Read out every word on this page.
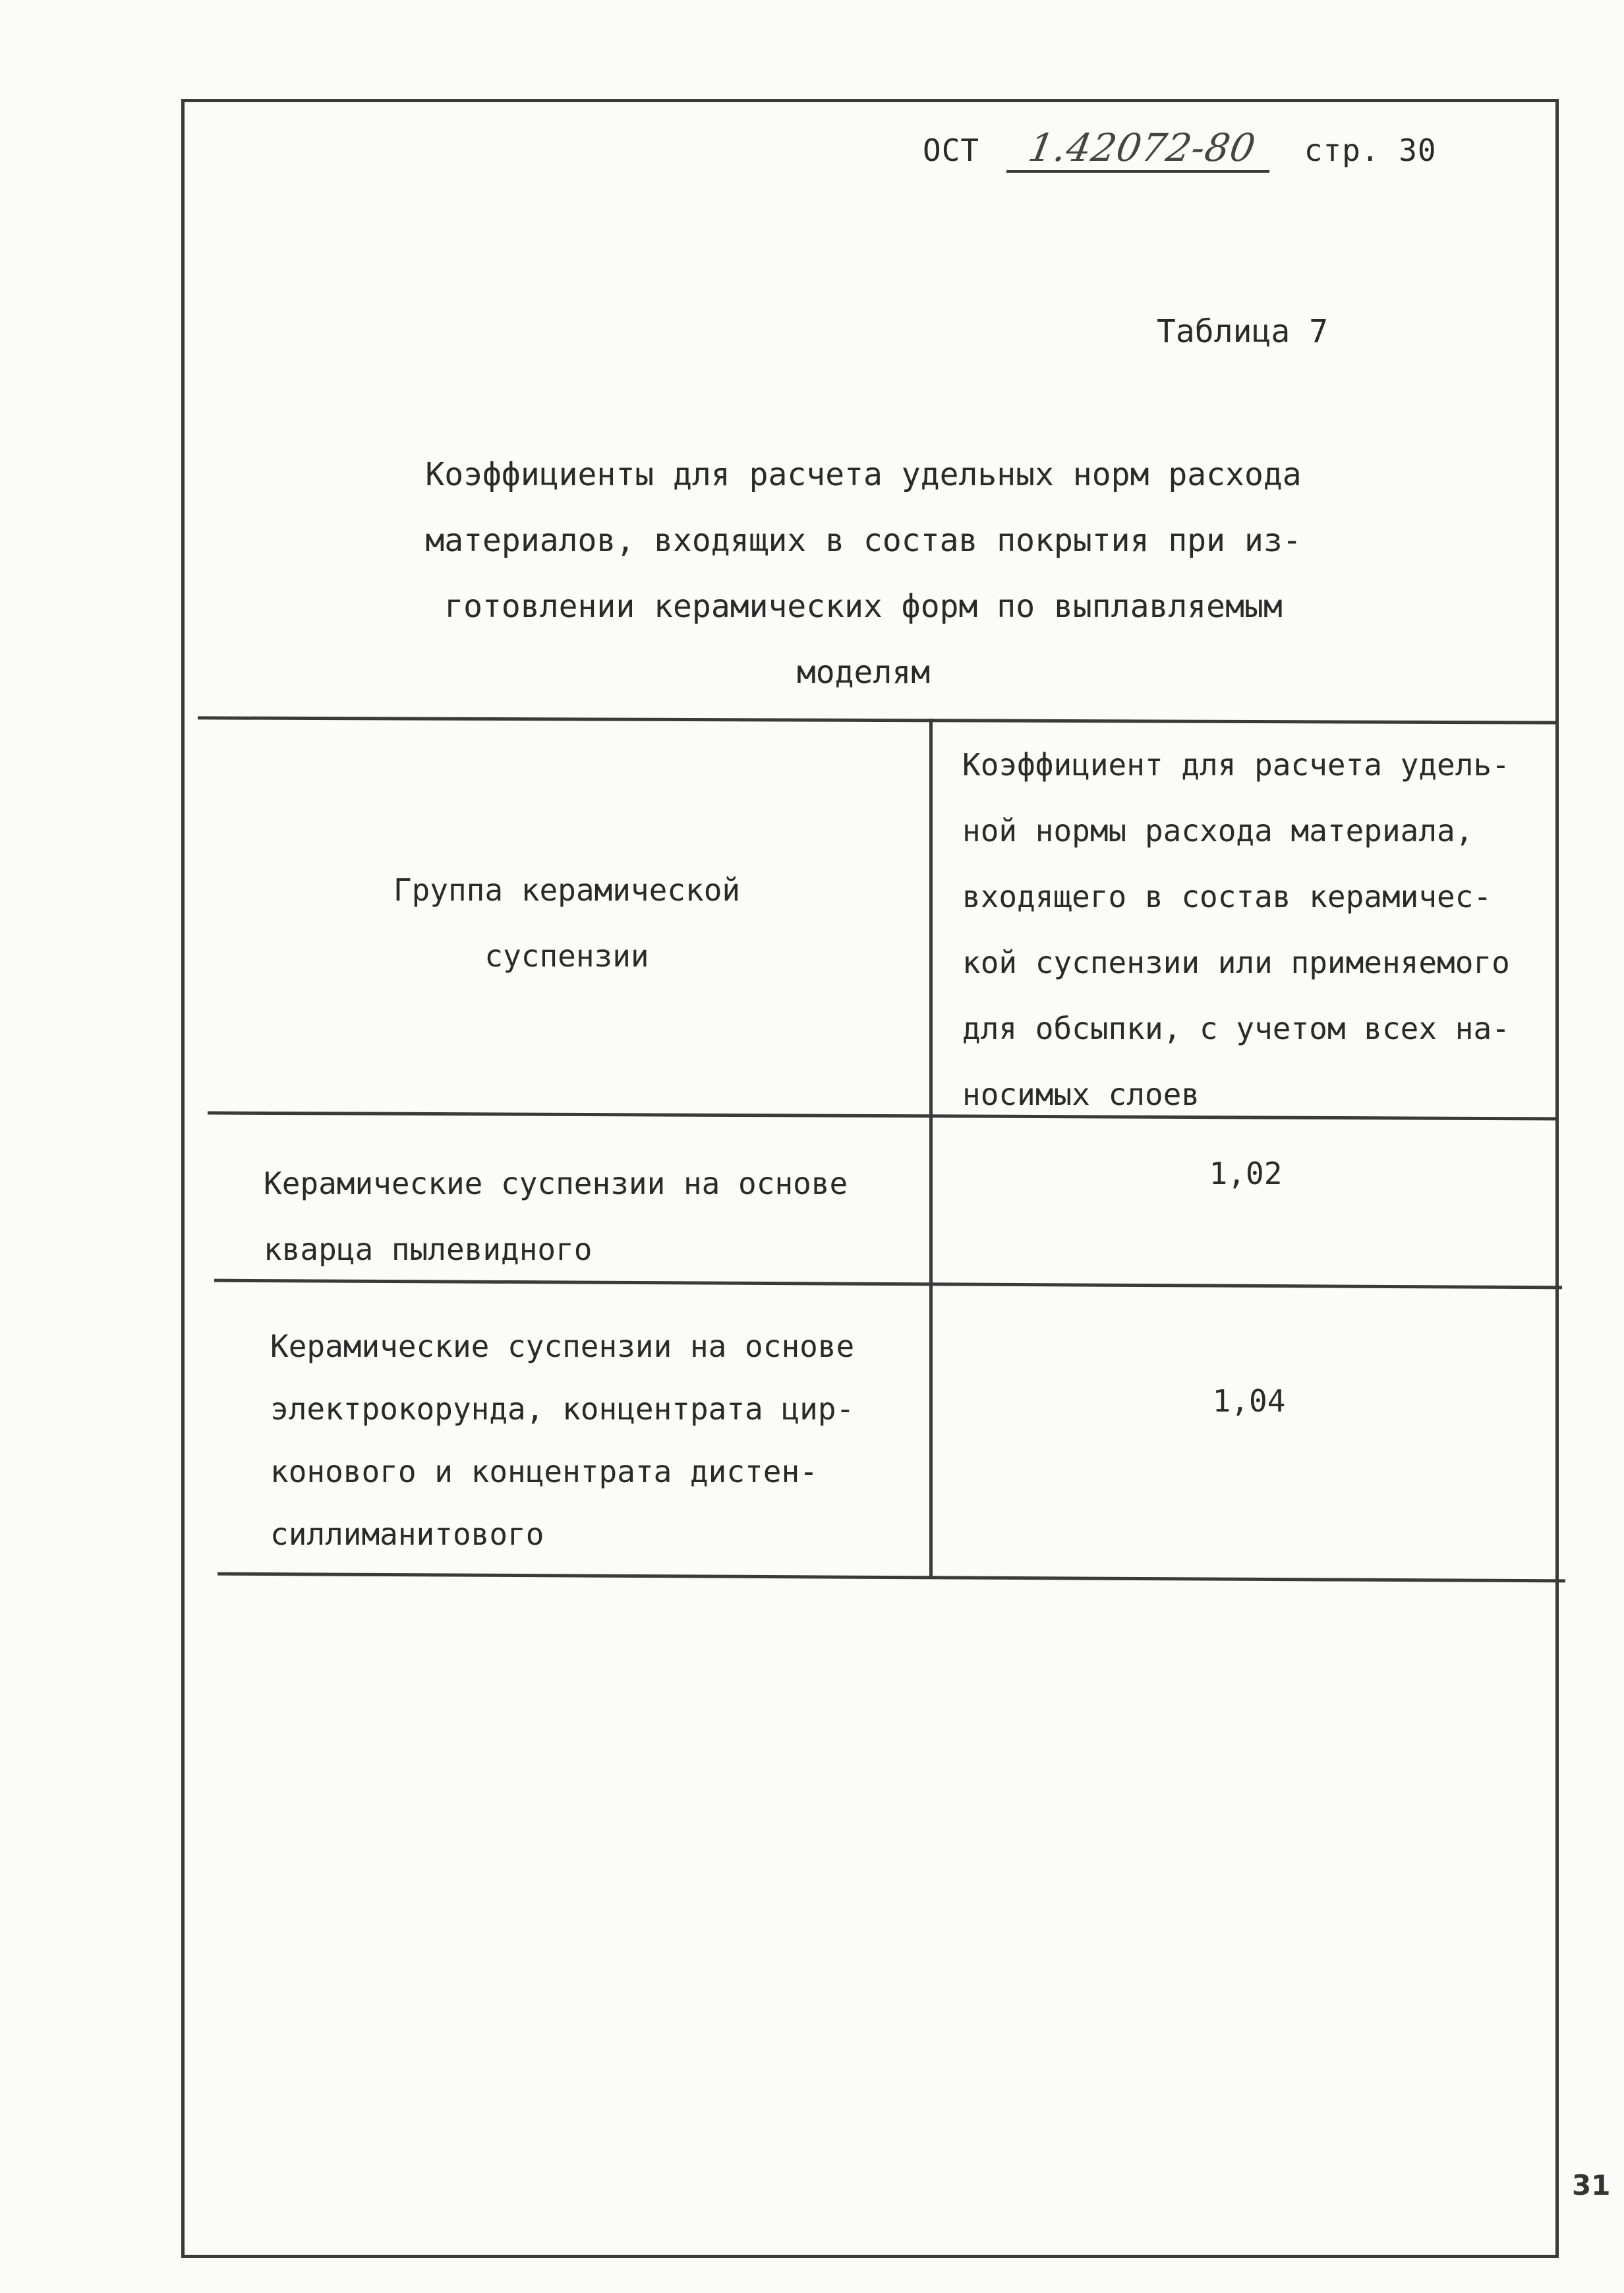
ОСТ 1.42072-80 стр. 30
Таблица 7
Коэффициенты для расчета удельных норм расхода
материалов, входящих в состав покрытия при из-
готовлении керамических форм по выплавляемым
моделям
Группа керамической
суспензии
Коэффициент для расчета удель-
ной нормы расхода материала,
входящего в состав керамичес-
кой суспензии или применяемого
для обсыпки, с учетом всех на-
носимых слоев
Керамические суспензии на основе
кварца пылевидного
1,02
Керамические суспензии на основе
электрокорунда, концентрата цир-
конового и концентрата дистен-
силлиманитового
1,04
31
